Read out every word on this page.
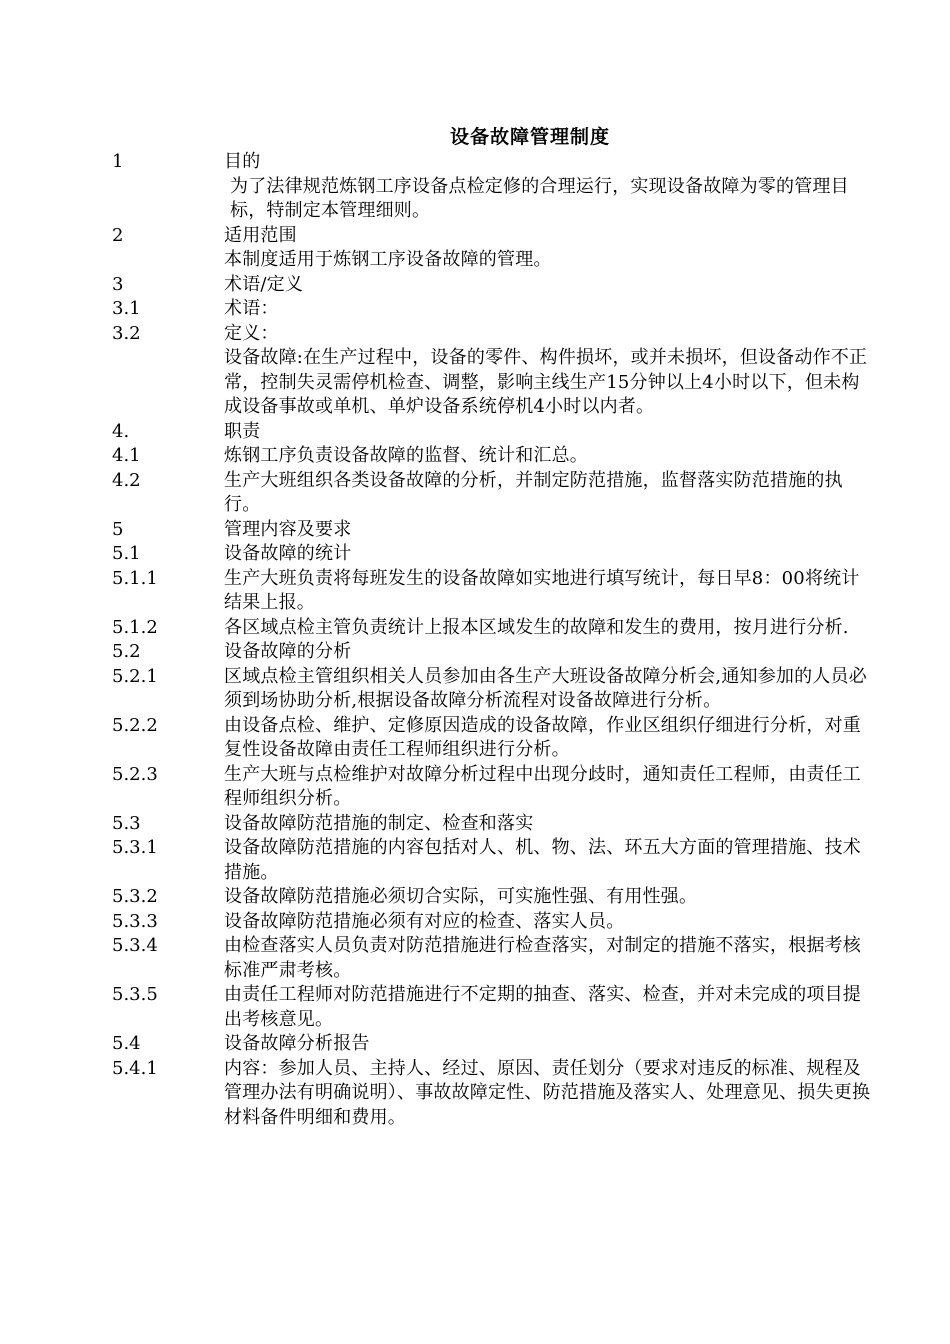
设备故障管理制度
1	目的
为了法律规范炼钢工序设备点检定修的合理运行，实现设备故障为零的管理目标，特制定本管理细则。
2	适用范围
本制度适用于炼钢工序设备故障的管理。
3	术语/定义
3.1	术语：
3.2	定义：
设备故障:在生产过程中，设备的零件、构件损坏，或并未损坏，但设备动作不正常，控制失灵需停机检查、调整，影响主线生产15分钟以上4小时以下，但未构成设备事故或单机、单炉设备系统停机4小时以内者。
4.	职责
4.1	炼钢工序负责设备故障的监督、统计和汇总。
4.2	生产大班组织各类设备故障的分析，并制定防范措施，监督落实防范措施的执行。
5	管理内容及要求
5.1	设备故障的统计
5.1.1	生产大班负责将每班发生的设备故障如实地进行填写统计，每日早8：00将统计结果上报。
5.1.2	各区域点检主管负责统计上报本区域发生的故障和发生的费用，按月进行分析.
5.2	设备故障的分析
5.2.1	区域点检主管组织相关人员参加由各生产大班设备故障分析会,通知参加的人员必须到场协助分析,根据设备故障分析流程对设备故障进行分析。
5.2.2	由设备点检、维护、定修原因造成的设备故障，作业区组织仔细进行分析，对重复性设备故障由责任工程师组织进行分析。
5.2.3	生产大班与点检维护对故障分析过程中出现分歧时，通知责任工程师，由责任工程师组织分析。
5.3	设备故障防范措施的制定、检查和落实
5.3.1	设备故障防范措施的内容包括对人、机、物、法、环五大方面的管理措施、技术措施。
5.3.2	设备故障防范措施必须切合实际，可实施性强、有用性强。
5.3.3	设备故障防范措施必须有对应的检查、落实人员。
5.3.4	由检查落实人员负责对防范措施进行检查落实，对制定的措施不落实，根据考核标准严肃考核。
5.3.5	由责任工程师对防范措施进行不定期的抽查、落实、检查，并对未完成的项目提出考核意见。
5.4	设备故障分析报告
5.4.1	内容：参加人员、主持人、经过、原因、责任划分（要求对违反的标准、规程及管理办法有明确说明）、事故故障定性、防范措施及落实人、处理意见、损失更换材料备件明细和费用。
